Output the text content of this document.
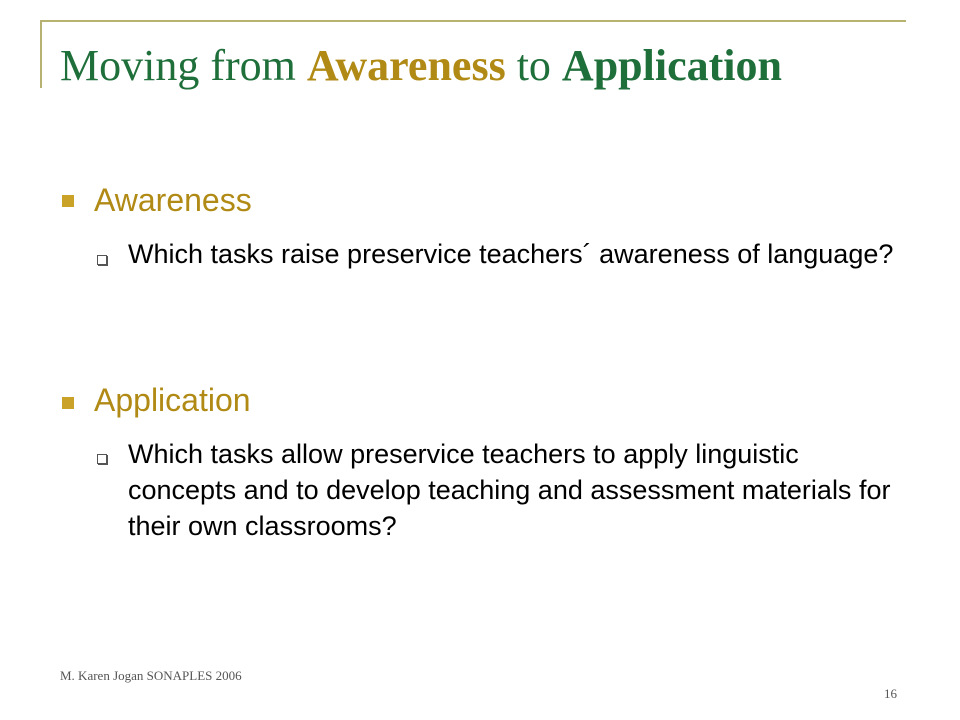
Moving from Awareness to Application
Awareness
Which tasks raise preservice teachers´ awareness of language?
Application
Which tasks allow preservice teachers to apply linguistic concepts and to develop teaching and assessment materials for their own classrooms?
M. Karen Jogan SONAPLES 2006
16
